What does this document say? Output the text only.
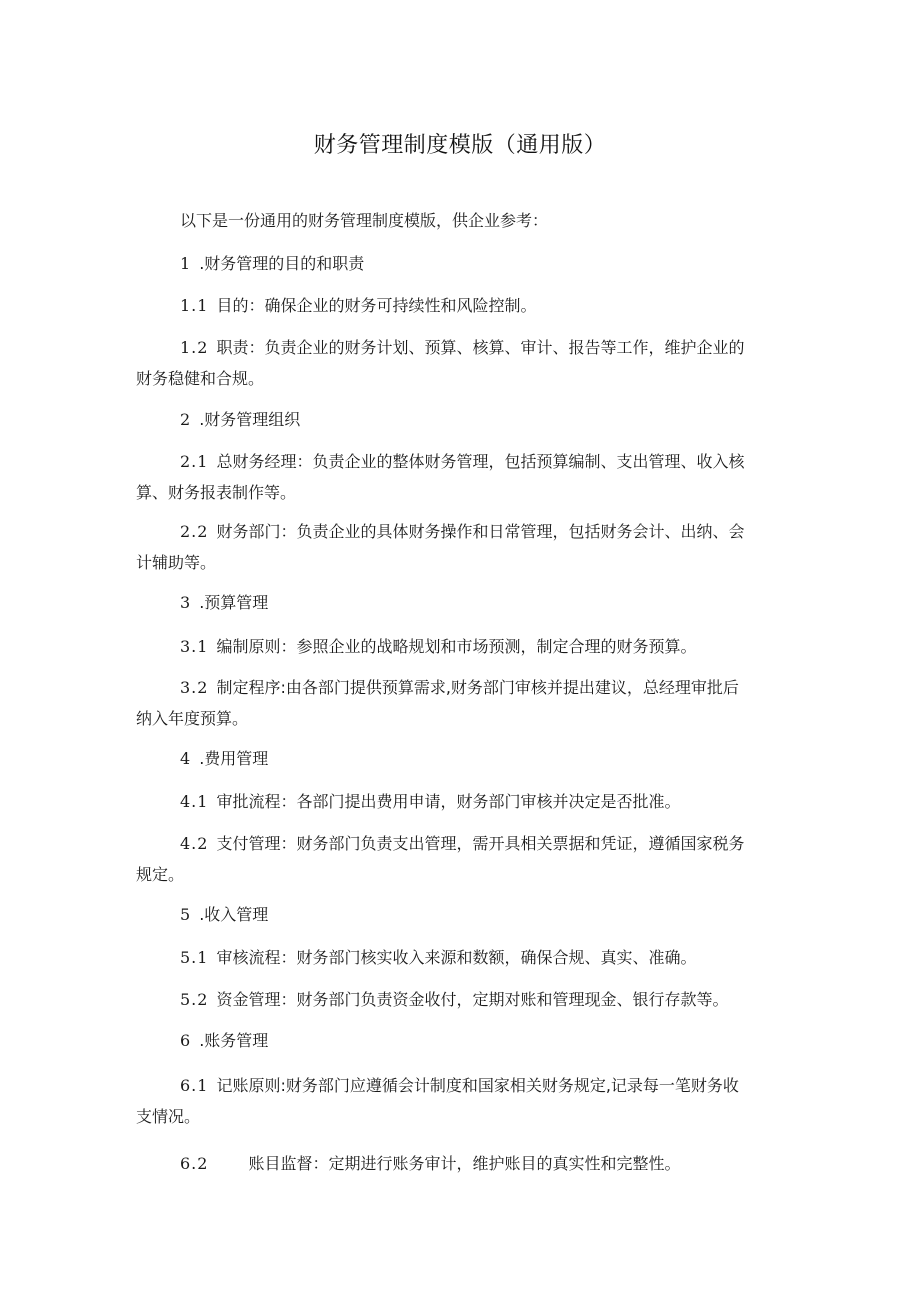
财务管理制度模版（通用版）
以下是一份通用的财务管理制度模版，供企业参考：
1 .财务管理的目的和职责
1.1 目的：确保企业的财务可持续性和风险控制。
1.2 职责：负责企业的财务计划、预算、核算、审计、报告等工作，维护企业的
财务稳健和合规。
2 .财务管理组织
2.1 总财务经理：负责企业的整体财务管理，包括预算编制、支出管理、收入核
算、财务报表制作等。
2.2 财务部门：负责企业的具体财务操作和日常管理，包括财务会计、出纳、会
计辅助等。
3 .预算管理
3.1 编制原则：参照企业的战略规划和市场预测，制定合理的财务预算。
3.2 制定程序:由各部门提供预算需求,财务部门审核并提出建议，总经理审批后
纳入年度预算。
4 .费用管理
4.1 审批流程：各部门提出费用申请，财务部门审核并决定是否批准。
4.2 支付管理：财务部门负责支出管理，需开具相关票据和凭证，遵循国家税务
规定。
5 .收入管理
5.1 审核流程：财务部门核实收入来源和数额，确保合规、真实、准确。
5.2 资金管理：财务部门负责资金收付，定期对账和管理现金、银行存款等。
6 .账务管理
6.1 记账原则:财务部门应遵循会计制度和国家相关财务规定,记录每一笔财务收
支情况。
6.2	账目监督：定期进行账务审计，维护账目的真实性和完整性。
